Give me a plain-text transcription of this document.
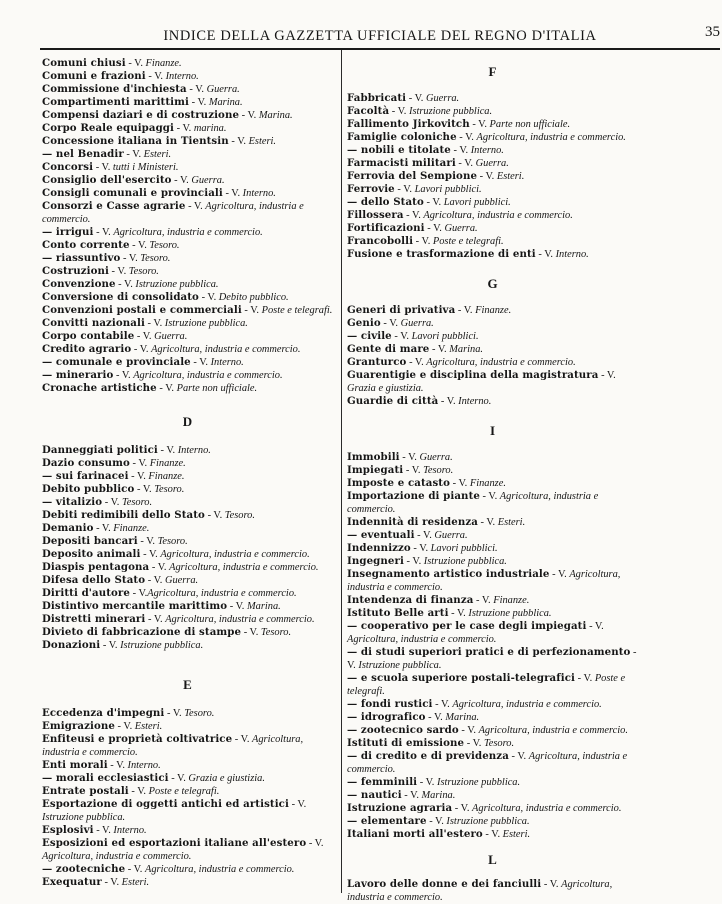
INDICE DELLA GAZZETTA UFFICIALE DEL REGNO D'ITALIA	35

Comuni chiusi - V. Finanze.

Comuni e frazioni - V. Interno.

Commissione d'inchiesta - V. Guerra.

Compartimenti marittimi - V. Marina.

Compensi daziari e di costruzione - V. Marina.

Corpo Reale equipaggi - V. marina.

Concessione italiana in Tientsin - V. Esteri.

— nel Benadir - V. Esteri.

Concorsi - V. tutti i Ministeri.

Consiglio dell'esercito - V. Guerra.

Consigli comunali e provinciali - V. Interno.

Consorzi e Casse agrarie - V. Agricoltura, industria e commercio.

— irrigui - V. Agricoltura, industria e commercio.

Conto corrente - V. Tesoro.

— riassuntivo - V. Tesoro.

Costruzioni - V. Tesoro.

Convenzione - V. Istruzione pubblica.

Conversione di consolidato - V. Debito pubblico.

Convenzioni postali e commerciali - V. Poste e telegrafi.

Convitti nazionali - V. Istruzione pubblica.

Corpo contabile - V. Guerra.

Credito agrario - V. Agricoltura, industria e commercio.

— comunale e provinciale - V. Interno.

— minerario - V. Agricoltura, industria e commercio.

Cronache artistiche - V. Parte non ufficiale.

D

Danneggiati politici - V. Interno.

Dazio consumo - V. Finanze.

— sui farinacei - V. Finanze.

Debito pubblico - V. Tesoro.

— vitalizio - V. Tesoro.

Debiti redimibili dello Stato - V. Tesoro.

Demanio - V. Finanze.

Depositi bancari - V. Tesoro.

Deposito animali - V. Agricoltura, industria e commercio.

Diaspis pentagona - V. Agricoltura, industria e commercio.

Difesa dello Stato - V. Guerra.

Diritti d'autore - V.Agricoltura, industria e commercio.

Distintivo mercantile marittimo - V. Marina.

Distretti minerari - V. Agricoltura, industria e commercio.

Divieto di fabbricazione di stampe - V. Tesoro.

Donazioni - V. Istruzione pubblica.

E

Eccedenza d'impegni - V. Tesoro.

Emigrazione - V. Esteri.

Enfiteusi e proprietà coltivatrice - V. Agricoltura, industria e commercio.

Enti morali - V. Interno.

— morali ecclesiastici - V. Grazia e giustizia.

Entrate postali - V. Poste e telegrafi.

Esportazione di oggetti antichi ed artistici - V. Istruzione pubblica.

Esplosivi - V. Interno.

Esposizioni ed esportazioni italiane all'estero - V. Agricoltura, industria e commercio.

— zootecniche - V. Agricoltura, industria e commercio.

Exequatur - V. Esteri.

F

Fabbricati - V. Guerra.

Facoltà - V. Istruzione pubblica.

Fallimento Jirkovitch - V. Parte non ufficiale.

Famiglie coloniche - V. Agricoltura, industria e commercio.

— nobili e titolate - V. Interno.

Farmacisti militari - V. Guerra.

Ferrovia del Sempione - V. Esteri.

Ferrovie - V. Lavori pubblici.

— dello Stato - V. Lavori pubblici.

Fillossera - V. Agricoltura, industria e commercio.

Fortificazioni - V. Guerra.

Francobolli - V. Poste e telegrafi.

Fusione e trasformazione di enti - V. Interno.

G

Generi di privativa - V. Finanze.

Genio - V. Guerra.

— civile - V. Lavori pubblici.

Gente di mare - V. Marina.

Granturco - V. Agricoltura, industria e commercio.

Guarentigie e disciplina della magistratura - V. Grazia e giustizia.

Guardie di città - V. Interno.

I

Immobili - V. Guerra.

Impiegati - V. Tesoro.

Imposte e catasto - V. Finanze.

Importazione di piante - V. Agricoltura, industria e commercio.

Indennità di residenza - V. Esteri.

— eventuali - V. Guerra.

Indennizzo - V. Lavori pubblici.

Ingegneri - V. Istruzione pubblica.

Insegnamento artistico industriale - V. Agricoltura, industria e commercio.

Intendenza di finanza - V. Finanze.

Istituto Belle arti - V. Istruzione pubblica.

— cooperativo per le case degli impiegati - V. Agricoltura, industria e commercio.

— di studi superiori pratici e di perfezionamento - V. Istruzione pubblica.

— e scuola superiore postali-telegrafici - V. Poste e telegrafi.

— fondi rustici - V. Agricoltura, industria e commercio.

— idrografico - V. Marina.

— zootecnico sardo - V. Agricoltura, industria e commercio.

Istituti di emissione - V. Tesoro.

— di credito e di previdenza - V. Agricoltura, industria e commercio.

— femminili - V. Istruzione pubblica.

— nautici - V. Marina.

Istruzione agraria - V. Agricoltura, industria e commercio.

— elementare - V. Istruzione pubblica.

Italiani morti all'estero - V. Esteri.

L

Lavoro delle donne e dei fanciulli - V. Agricoltura, industria e commercio.
